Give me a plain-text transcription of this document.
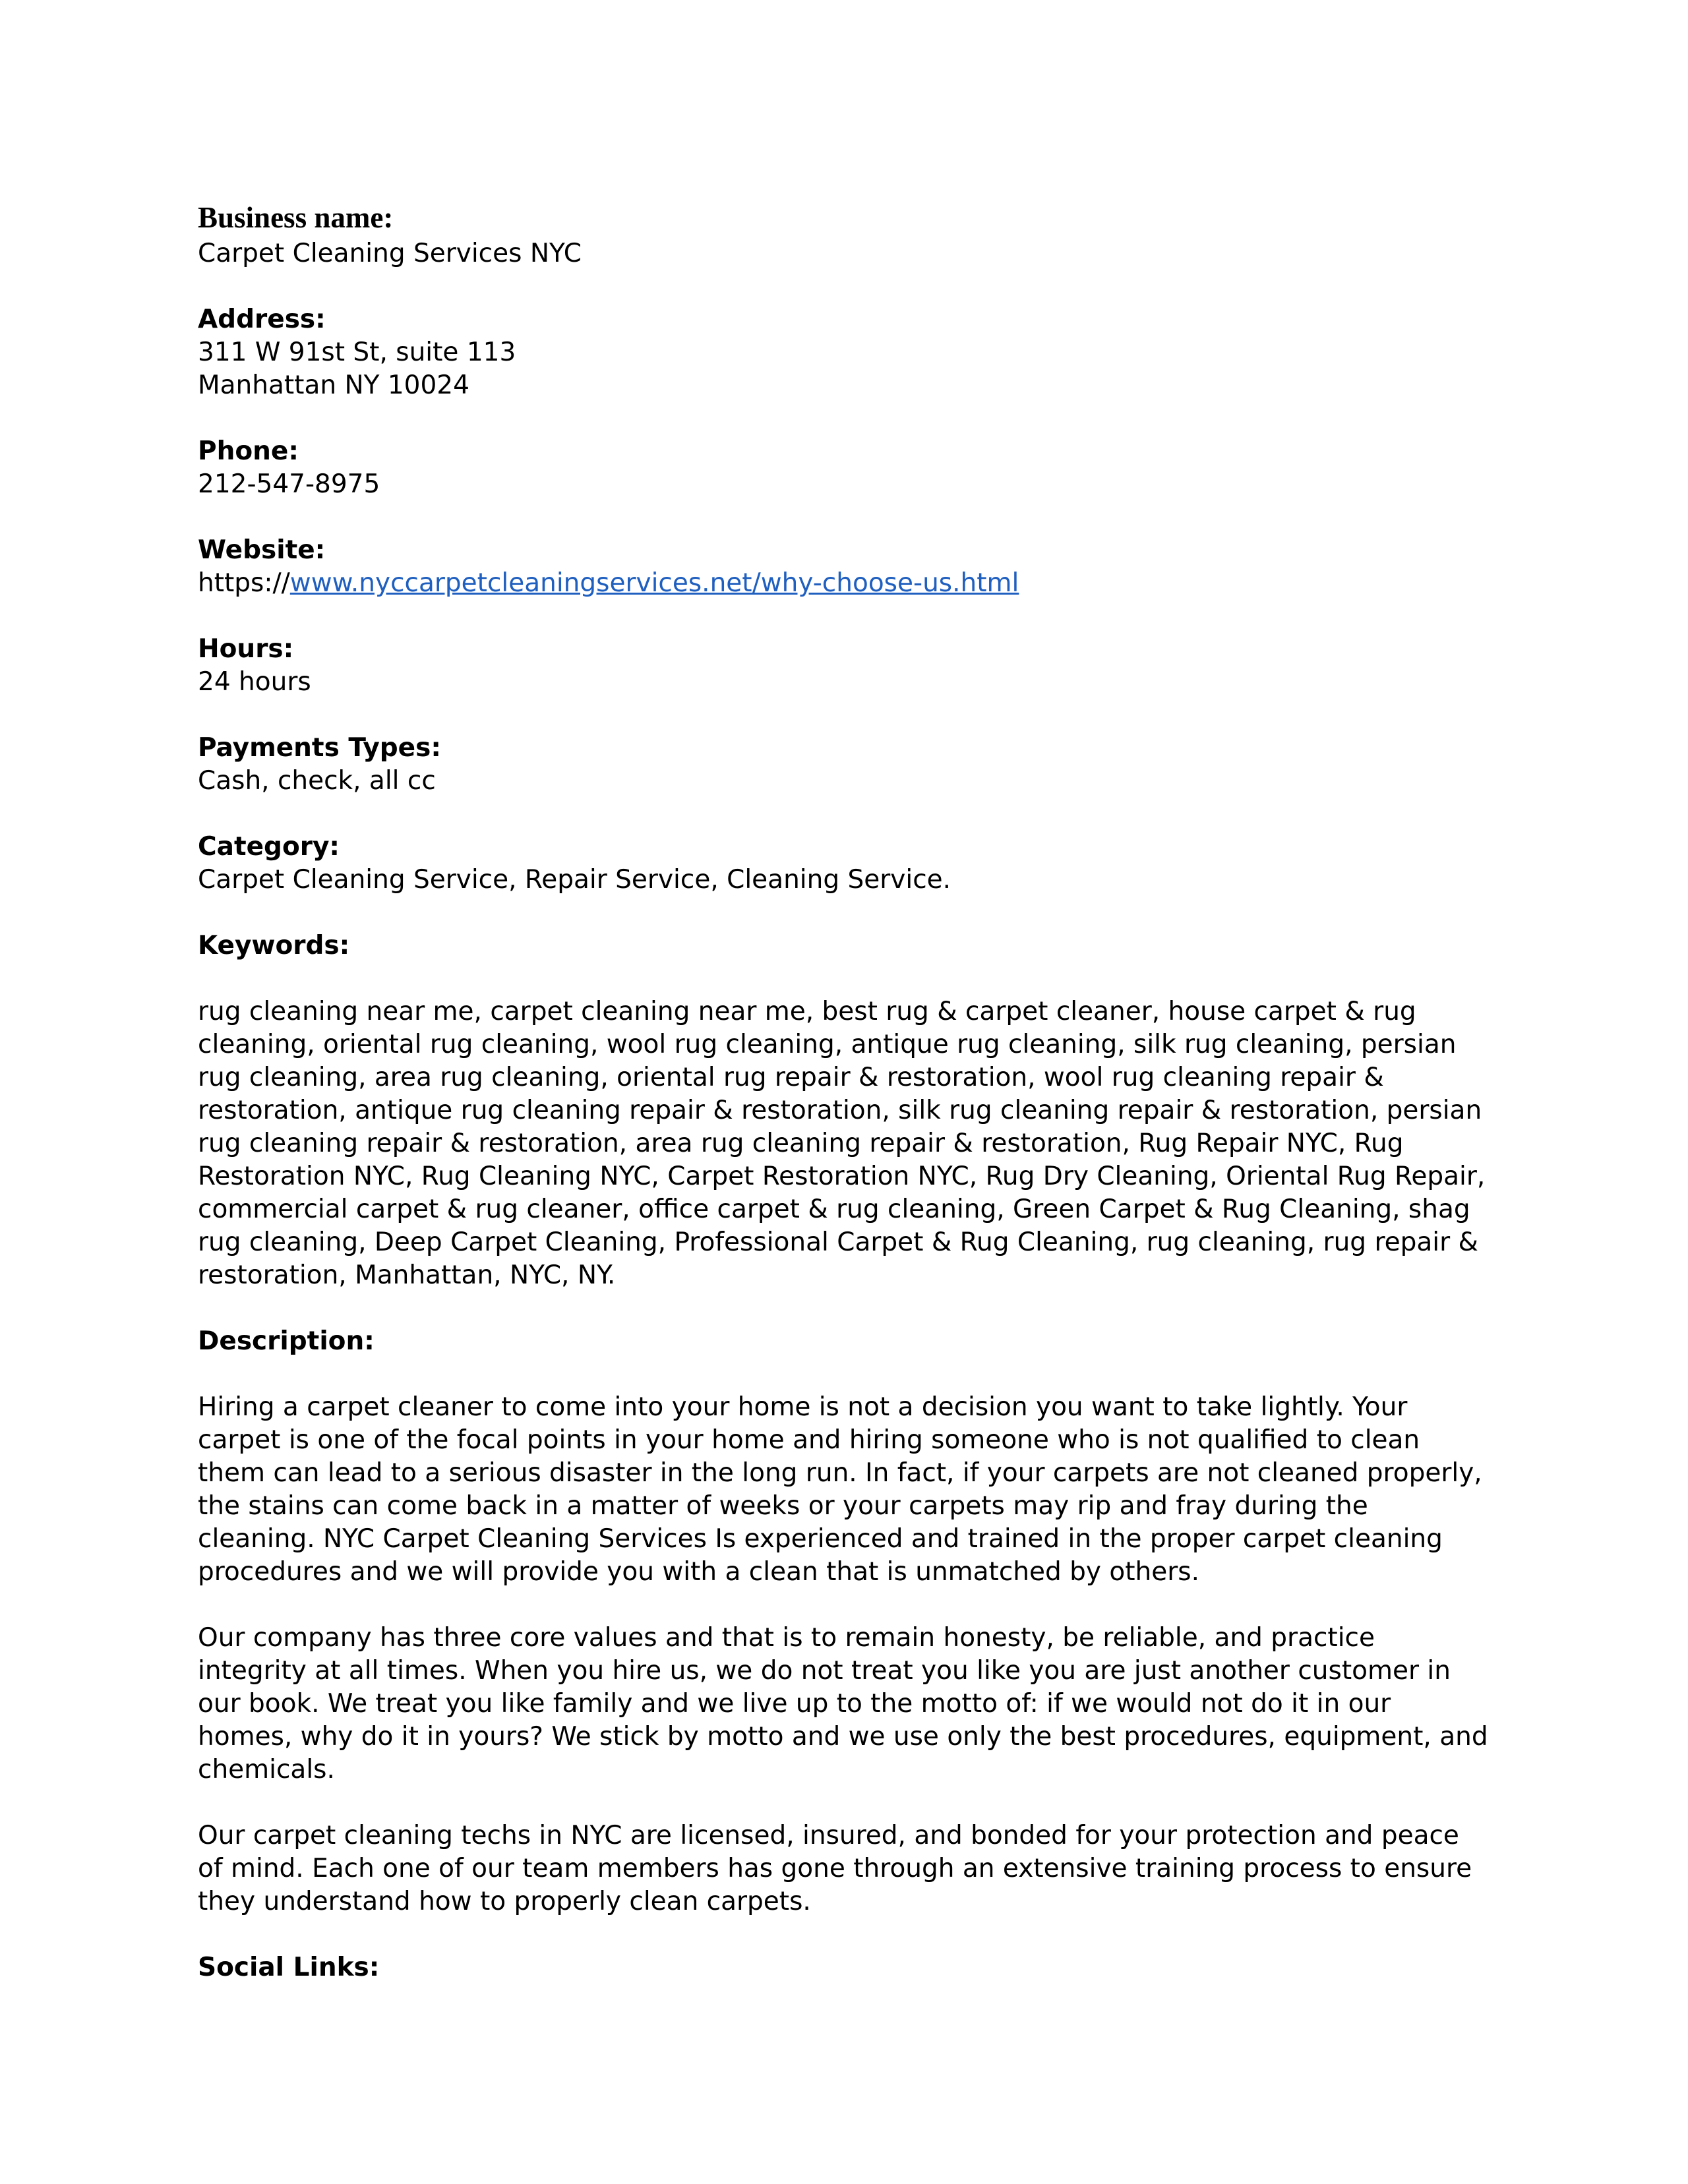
Business name:

Carpet Cleaning Services NYC

Address:

311 W 91st St, suite 113

Manhattan NY 10024

Phone:

212-547-8975

Website:

https://www.nyccarpetcleaningservices.net/why-choose-us.html

Hours:

24 hours

Payments Types:

Cash, check, all cc

Category:

Carpet Cleaning Service, Repair Service, Cleaning Service.

Keywords:

rug cleaning near me, carpet cleaning near me, best rug & carpet cleaner, house carpet & rug cleaning, oriental rug cleaning, wool rug cleaning, antique rug cleaning, silk rug cleaning, persian rug cleaning, area rug cleaning, oriental rug repair & restoration, wool rug cleaning repair & restoration, antique rug cleaning repair & restoration, silk rug cleaning repair & restoration, persian rug cleaning repair & restoration, area rug cleaning repair & restoration, Rug Repair NYC, Rug Restoration NYC, Rug Cleaning NYC, Carpet Restoration NYC, Rug Dry Cleaning, Oriental Rug Repair, commercial carpet & rug cleaner, office carpet & rug cleaning, Green Carpet & Rug Cleaning, shag rug cleaning, Deep Carpet Cleaning, Professional Carpet & Rug Cleaning, rug cleaning, rug repair & restoration, Manhattan, NYC, NY.

Description:

Hiring a carpet cleaner to come into your home is not a decision you want to take lightly. Your carpet is one of the focal points in your home and hiring someone who is not qualified to clean them can lead to a serious disaster in the long run. In fact, if your carpets are not cleaned properly, the stains can come back in a matter of weeks or your carpets may rip and fray during the cleaning. NYC Carpet Cleaning Services Is experienced and trained in the proper carpet cleaning procedures and we will provide you with a clean that is unmatched by others.

Our company has three core values and that is to remain honesty, be reliable, and practice integrity at all times. When you hire us, we do not treat you like you are just another customer in our book. We treat you like family and we live up to the motto of: if we would not do it in our homes, why do it in yours? We stick by motto and we use only the best procedures, equipment, and chemicals.

Our carpet cleaning techs in NYC are licensed, insured, and bonded for your protection and peace of mind. Each one of our team members has gone through an extensive training process to ensure they understand how to properly clean carpets.

Social Links:
